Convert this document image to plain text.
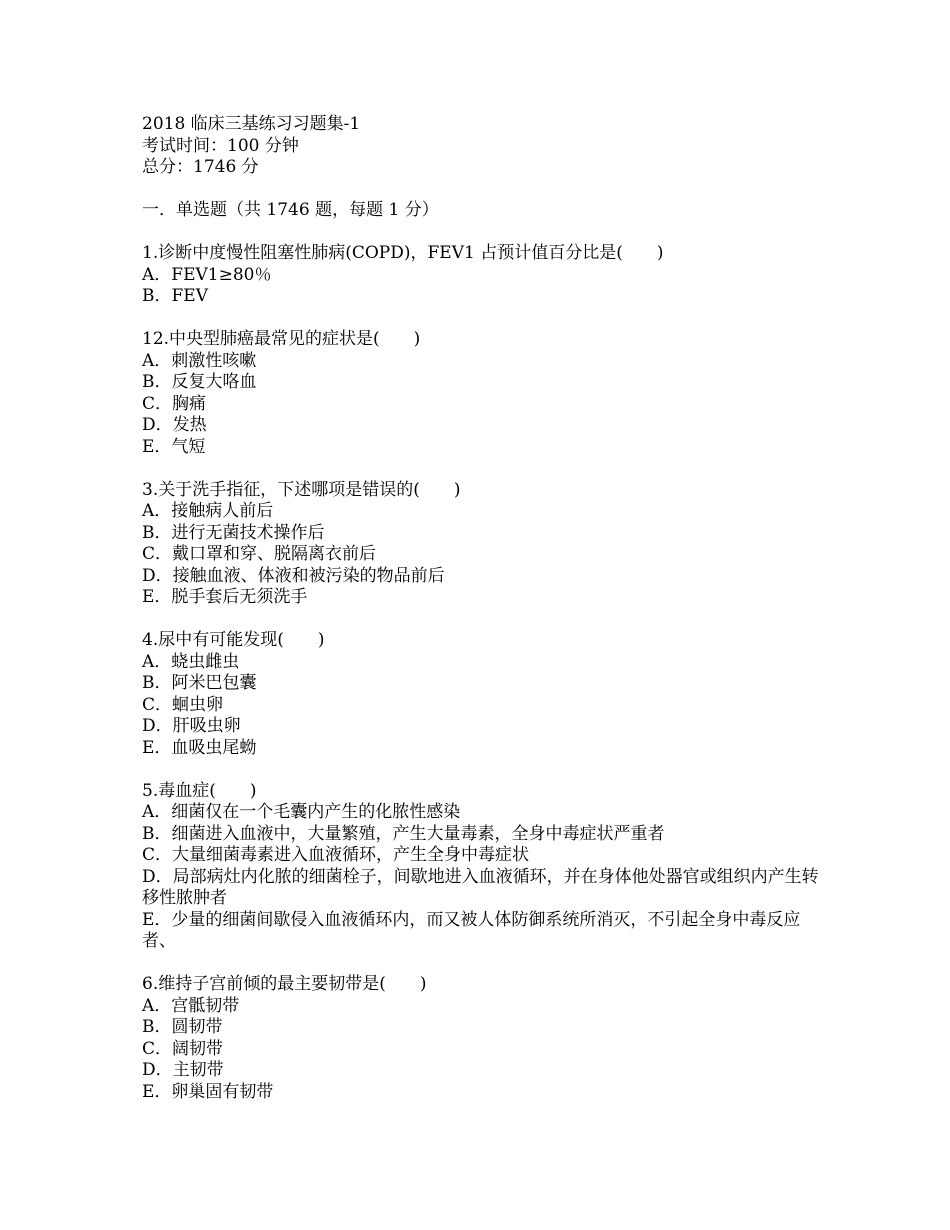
2018 临床三基练习习题集-1

考试时间：100 分钟

总分：1746 分

一．单选题（共 1746 题，每题 1 分）

1.诊断中度慢性阻塞性肺病(COPD)，FEV1 占预计值百分比是(　　)

A．FEV1≥80％
B．FEV

12.中央型肺癌最常见的症状是(　　)

A．刺激性咳嗽
B．反复大咯血
C．胸痛
D．发热
E．气短

3.关于洗手指征，下述哪项是错误的(　　)

A．接触病人前后
B．进行无菌技术操作后
C．戴口罩和穿、脱隔离衣前后
D．接触血液、体液和被污染的物品前后
E．脱手套后无须洗手

4.尿中有可能发现(　　)

A．蛲虫雌虫
B．阿米巴包囊
C．蛔虫卵
D．肝吸虫卵
E．血吸虫尾蚴

5.毒血症(　　)

A．细菌仅在一个毛囊内产生的化脓性感染
B．细菌进入血液中，大量繁殖，产生大量毒素，全身中毒症状严重者
C．大量细菌毒素进入血液循环，产生全身中毒症状
D．局部病灶内化脓的细菌栓子，间歇地进入血液循环，并在身体他处器官或组织内产生转移性脓肿者
E．少量的细菌间歇侵入血液循环内，而又被人体防御系统所消灭，不引起全身中毒反应者、

6.维持子宫前倾的最主要韧带是(　　)

A．宫骶韧带
B．圆韧带
C．阔韧带
D．主韧带
E．卵巢固有韧带
